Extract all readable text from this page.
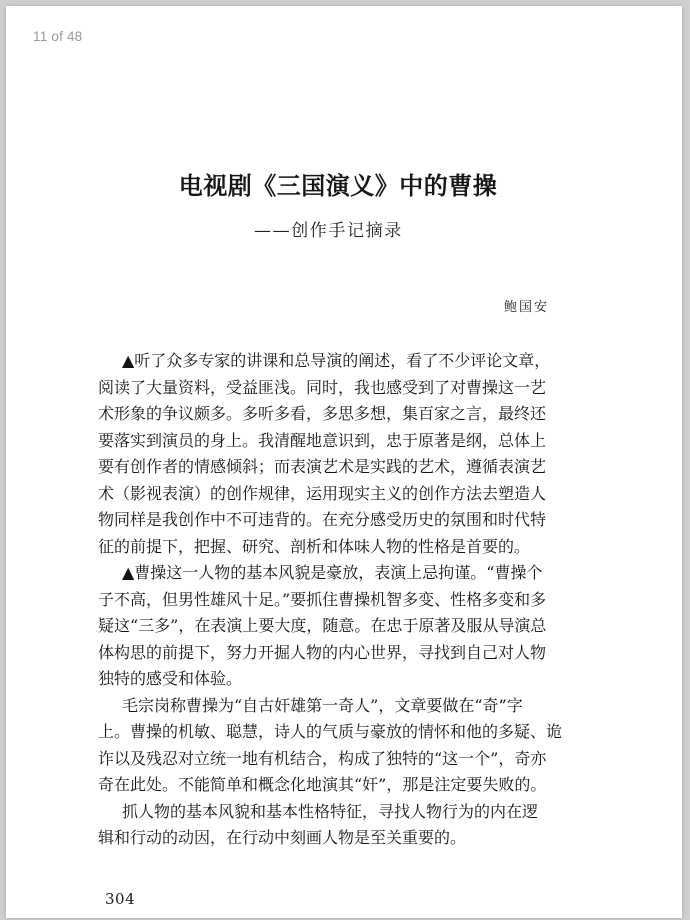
11 of 48
电视剧《三国演义》中的曹操
——创作手记摘录
鲍国安
▲听了众多专家的讲课和总导演的阐述，看了不少评论文章，
阅读了大量资料，受益匪浅。同时，我也感受到了对曹操这一艺
术形象的争议颇多。多听多看，多思多想，集百家之言，最终还
要落实到演员的身上。我清醒地意识到，忠于原著是纲，总体上
要有创作者的情感倾斜；而表演艺术是实践的艺术，遵循表演艺
术（影视表演）的创作规律，运用现实主义的创作方法去塑造人
物同样是我创作中不可违背的。在充分感受历史的氛围和时代特
征的前提下，把握、研究、剖析和体味人物的性格是首要的。
▲曹操这一人物的基本风貌是豪放，表演上忌拘谨。“曹操个
子不高，但男性雄风十足。”要抓住曹操机智多变、性格多变和多
疑这“三多”，在表演上要大度，随意。在忠于原著及服从导演总
体构思的前提下，努力开掘人物的内心世界，寻找到自己对人物
独特的感受和体验。
毛宗岗称曹操为“自古奸雄第一奇人”，文章要做在“奇”字
上。曹操的机敏、聪慧，诗人的气质与豪放的情怀和他的多疑、诡
诈以及残忍对立统一地有机结合，构成了独特的“这一个”，奇亦
奇在此处。不能简单和概念化地演其“奸”，那是注定要失败的。
抓人物的基本风貌和基本性格特征，寻找人物行为的内在逻
辑和行动的动因，在行动中刻画人物是至关重要的。
304
